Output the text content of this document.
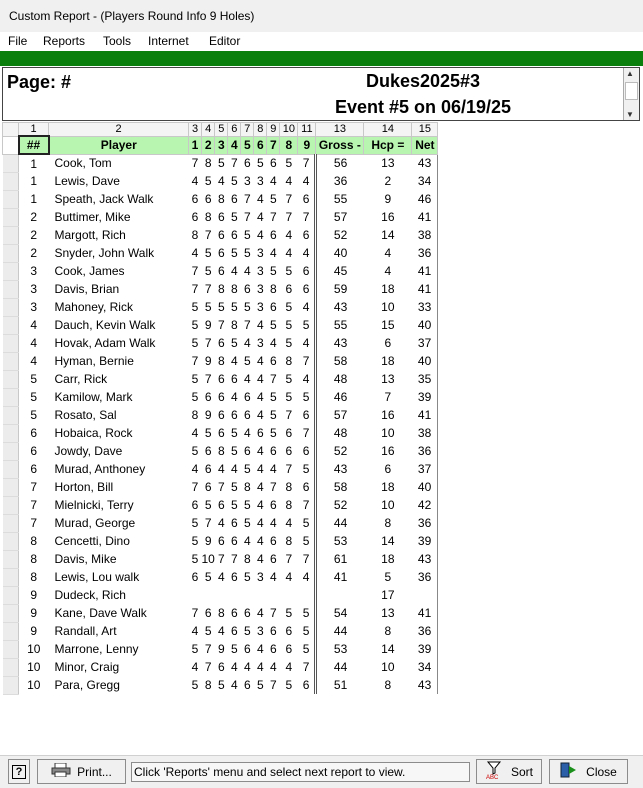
Custom Report - (Players Round Info 9 Holes)
File Reports Tools Internet Editor
Page: #	Dukes2025#3
Event #5 on 06/19/25
▲
▼
	1	2	3	4	5	6	7	8	9	10	11	13	14	15
	##	Player	1	2	3	4	5	6	7	8	9	Gross -	Hcp =	Net
	1	Cook, Tom	7	8	5	7	6	5	6	5	7	56	13	43
	1	Lewis, Dave	4	5	4	5	3	3	4	4	4	36	2	34
	1	Speath, Jack Walk	6	6	8	6	7	4	5	7	6	55	9	46
	2	Buttimer, Mike	6	8	6	5	7	4	7	7	7	57	16	41
	2	Margott, Rich	8	7	6	6	5	4	6	4	6	52	14	38
	2	Snyder, John Walk	4	5	6	5	5	3	4	4	4	40	4	36
	3	Cook, James	7	5	6	4	4	3	5	5	6	45	4	41
	3	Davis, Brian	7	7	8	8	6	3	8	6	6	59	18	41
	3	Mahoney, Rick	5	5	5	5	5	3	6	5	4	43	10	33
	4	Dauch, Kevin Walk	5	9	7	8	7	4	5	5	5	55	15	40
	4	Hovak, Adam Walk	5	7	6	5	4	3	4	5	4	43	6	37
	4	Hyman, Bernie	7	9	8	4	5	4	6	8	7	58	18	40
	5	Carr, Rick	5	7	6	6	4	4	7	5	4	48	13	35
	5	Kamilow, Mark	5	6	6	4	6	4	5	5	5	46	7	39
	5	Rosato, Sal	8	9	6	6	6	4	5	7	6	57	16	41
	6	Hobaica, Rock	4	5	6	5	4	6	5	6	7	48	10	38
	6	Jowdy, Dave	5	6	8	5	6	4	6	6	6	52	16	36
	6	Murad, Anthoney	4	6	4	4	5	4	4	7	5	43	6	37
	7	Horton, Bill	7	6	7	5	8	4	7	8	6	58	18	40
	7	Mielnicki, Terry	6	5	6	5	5	4	6	8	7	52	10	42
	7	Murad, George	5	7	4	6	5	4	4	4	5	44	8	36
	8	Cencetti, Dino	5	9	6	6	4	4	6	8	5	53	14	39
	8	Davis, Mike	5	10	7	7	8	4	6	7	7	61	18	43
	8	Lewis, Lou walk	6	5	4	6	5	3	4	4	4	41	5	36
	9	Dudeck, Rich											17	
	9	Kane, Dave Walk	7	6	8	6	6	4	7	5	5	54	13	41
	9	Randall, Art	4	5	4	6	5	3	6	6	5	44	8	36
	10	Marrone, Lenny	5	7	9	5	6	4	6	6	5	53	14	39
	10	Minor, Craig	4	7	6	4	4	4	4	4	7	44	10	34
	10	Para, Gregg	5	8	5	4	6	5	7	5	6	51	8	43
?	Print... Click 'Reports' menu and select next report to view.	ABC Sort	Close
